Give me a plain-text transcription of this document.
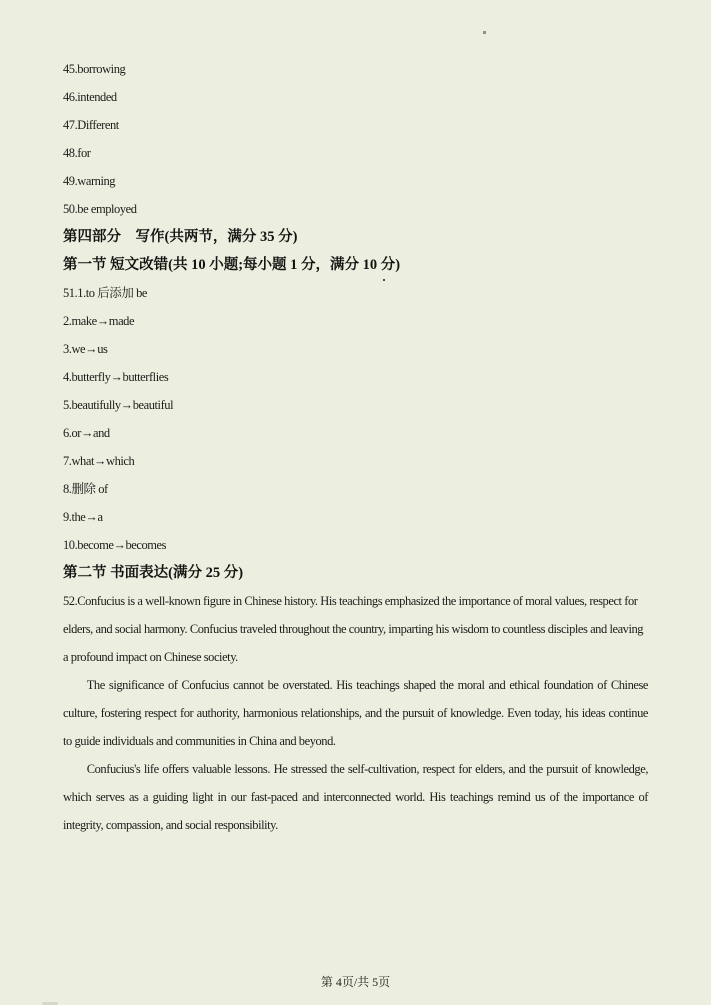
45.borrowing
46.intended
47.Different
48.for
49.warning
50.be employed
第四部分　写作(共两节，满分 35 分)
第一节 短文改错(共 10 小题;每小题 1 分，满分 10 分)
51.1.to 后添加 be
2.make→made
3.we→us
4.butterfly→butterflies
5.beautifully→beautiful
6.or→and
7.what→which
8.删除 of
9.the→a
10.become→becomes
第二节 书面表达(满分 25 分)

52.Confucius is a well-known figure in Chinese history. His teachings emphasized the importance of moral values, respect for elders, and social harmony. Confucius traveled throughout the country, imparting his wisdom to countless disciples and leaving a profound impact on Chinese society.

The significance of Confucius cannot be overstated. His teachings shaped the moral and ethical foundation of Chinese culture, fostering respect for authority, harmonious relationships, and the pursuit of knowledge. Even today, his ideas continue to guide individuals and communities in China and beyond.

Confucius's life offers valuable lessons. He stressed the self-cultivation, respect for elders, and the pursuit of knowledge, which serves as a guiding light in our fast-paced and interconnected world. His teachings remind us of the importance of integrity, compassion, and social responsibility.

第 4页/共 5页
